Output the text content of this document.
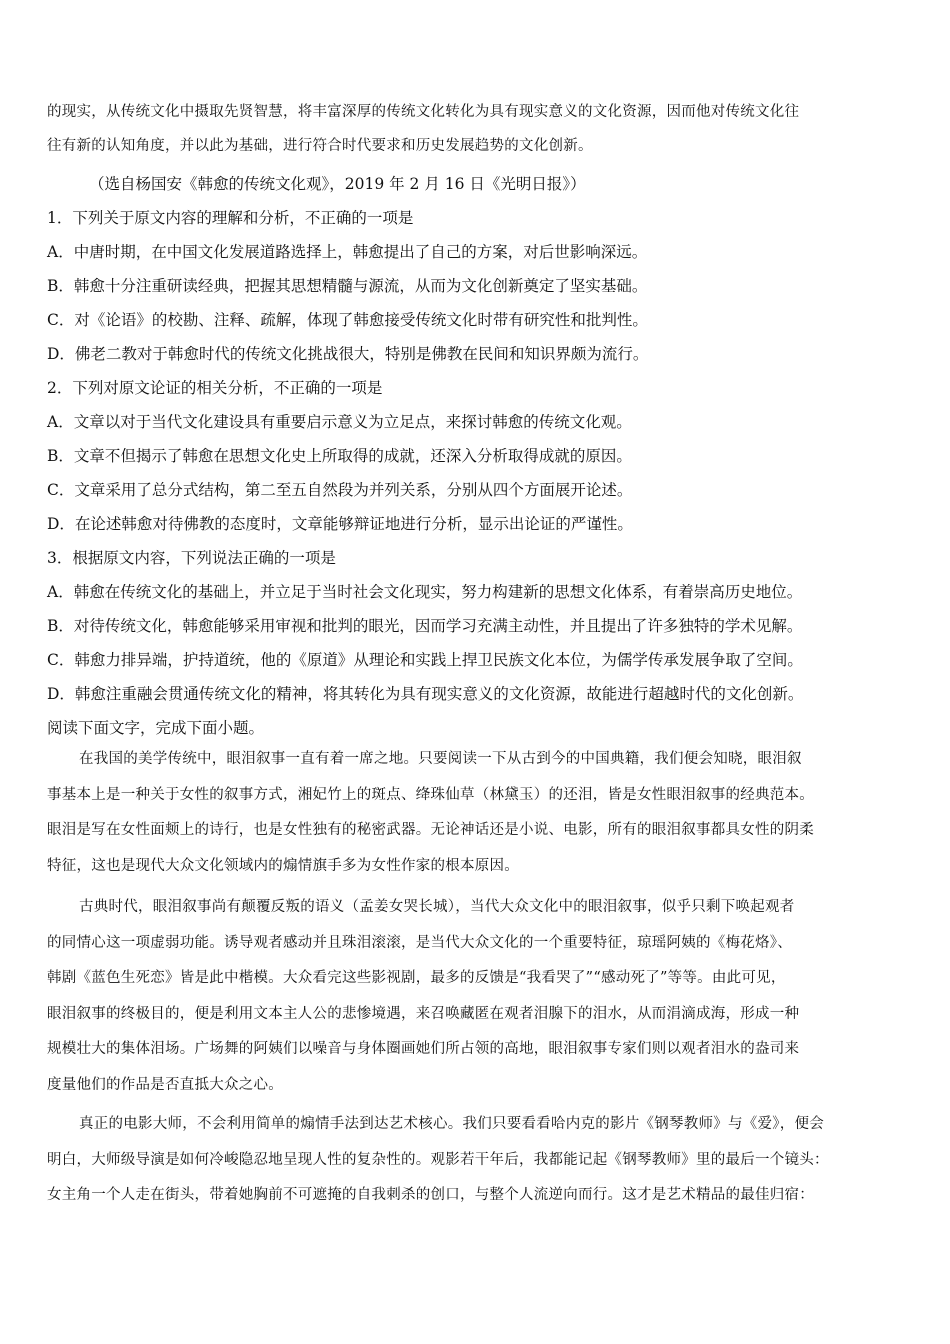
的现实，从传统文化中摄取先贤智慧，将丰富深厚的传统文化转化为具有现实意义的文化资源，因而他对传统文化往
往有新的认知角度，并以此为基础，进行符合时代要求和历史发展趋势的文化创新。

（选自杨国安《韩愈的传统文化观》，2019 年 2 月 16 日《光明日报》）
1．下列关于原文内容的理解和分析，不正确的一项是
A．中唐时期，在中国文化发展道路选择上，韩愈提出了自己的方案，对后世影响深远。
B．韩愈十分注重研读经典，把握其思想精髓与源流，从而为文化创新奠定了坚实基础。
C．对《论语》的校勘、注释、疏解，体现了韩愈接受传统文化时带有研究性和批判性。
D．佛老二教对于韩愈时代的传统文化挑战很大，特别是佛教在民间和知识界颇为流行。
2．下列对原文论证的相关分析，不正确的一项是
A．文章以对于当代文化建设具有重要启示意义为立足点，来探讨韩愈的传统文化观。
B．文章不但揭示了韩愈在思想文化史上所取得的成就，还深入分析取得成就的原因。
C．文章采用了总分式结构，第二至五自然段为并列关系，分别从四个方面展开论述。
D．在论述韩愈对待佛教的态度时，文章能够辩证地进行分析，显示出论证的严谨性。
3．根据原文内容，下列说法正确的一项是
A．韩愈在传统文化的基础上，并立足于当时社会文化现实，努力构建新的思想文化体系，有着崇高历史地位。
B．对待传统文化，韩愈能够采用审视和批判的眼光，因而学习充满主动性，并且提出了许多独特的学术见解。
C．韩愈力排异端，护持道统，他的《原道》从理论和实践上捍卫民族文化本位，为儒学传承发展争取了空间。
D．韩愈注重融会贯通传统文化的精神，将其转化为具有现实意义的文化资源，故能进行超越时代的文化创新。
阅读下面文字，完成下面小题。

在我国的美学传统中，眼泪叙事一直有着一席之地。只要阅读一下从古到今的中国典籍，我们便会知晓，眼泪叙
事基本上是一种关于女性的叙事方式，湘妃竹上的斑点、绛珠仙草（林黛玉）的还泪，皆是女性眼泪叙事的经典范本。
眼泪是写在女性面颊上的诗行，也是女性独有的秘密武器。无论神话还是小说、电影，所有的眼泪叙事都具女性的阴柔
特征，这也是现代大众文化领域内的煽情旗手多为女性作家的根本原因。

古典时代，眼泪叙事尚有颠覆反叛的语义（孟姜女哭长城），当代大众文化中的眼泪叙事，似乎只剩下唤起观者
的同情心这一项虚弱功能。诱导观者感动并且珠泪滚滚，是当代大众文化的一个重要特征，琼瑶阿姨的《梅花烙》、
韩剧《蓝色生死恋》皆是此中楷模。大众看完这些影视剧，最多的反馈是“我看哭了”“感动死了”等等。由此可见，
眼泪叙事的终极目的，便是利用文本主人公的悲惨境遇，来召唤藏匿在观者泪腺下的泪水，从而涓滴成海，形成一种
规模壮大的集体泪场。广场舞的阿姨们以噪音与身体圈画她们所占领的高地，眼泪叙事专家们则以观者泪水的盎司来
度量他们的作品是否直抵大众之心。

真正的电影大师，不会利用简单的煽情手法到达艺术核心。我们只要看看哈内克的影片《钢琴教师》与《爱》，便会
明白，大师级导演是如何冷峻隐忍地呈现人性的复杂性的。观影若干年后，我都能记起《钢琴教师》里的最后一个镜头：
女主角一个人走在街头，带着她胸前不可遮掩的自我刺杀的创口，与整个人流逆向而行。这才是艺术精品的最佳归宿：
